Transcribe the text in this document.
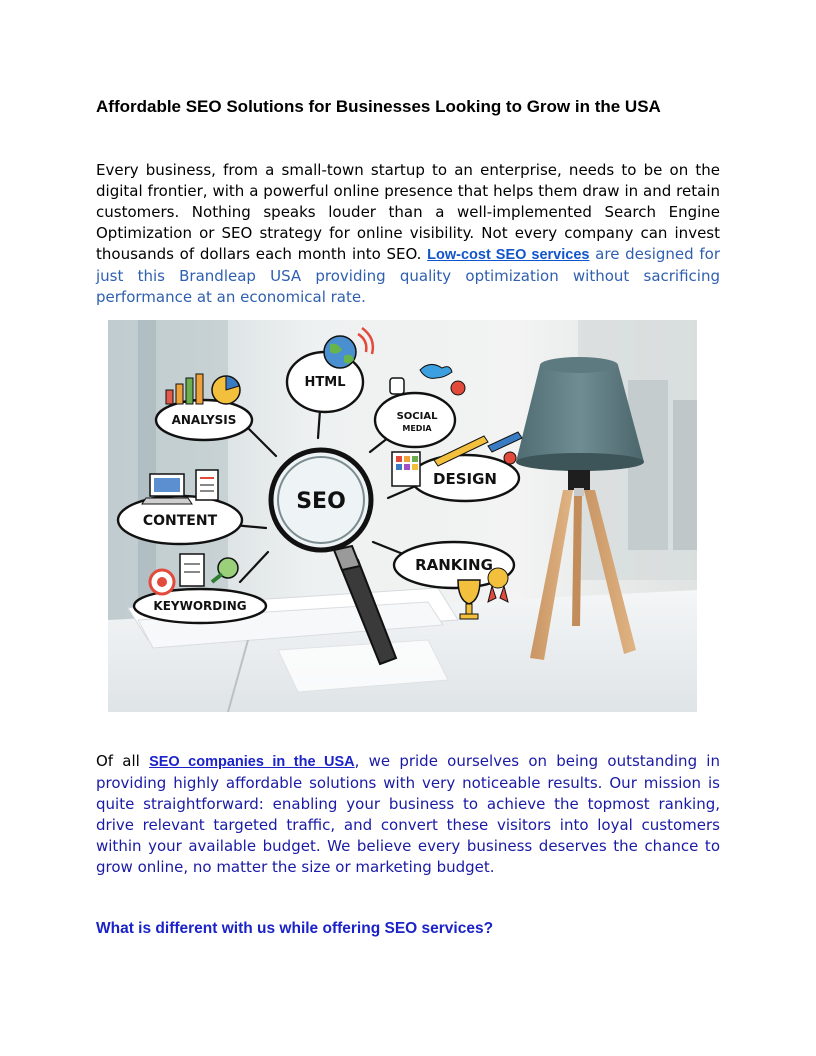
Affordable SEO Solutions for Businesses Looking to Grow in the USA

Every business, from a small-town startup to an enterprise, needs to be on the digital frontier, with a powerful online presence that helps them draw in and retain customers. Nothing speaks louder than a well-implemented Search Engine Optimization or SEO strategy for online visibility. Not every company can invest thousands of dollars each month into SEO. Low-cost SEO services are designed for just this Brandleap USA providing quality optimization without sacrificing performance at an economical rate.

ANALYSIS
HTML
SOCIAL
MEDIA
CONTENT
DESIGN
RANKING
KEYWORDING
SEO

Of all SEO companies in the USA, we pride ourselves on being outstanding in providing highly affordable solutions with very noticeable results. Our mission is quite straightforward: enabling your business to achieve the topmost ranking, drive relevant targeted traffic, and convert these visitors into loyal customers within your available budget. We believe every business deserves the chance to grow online, no matter the size or marketing budget.

What is different with us while offering SEO services?
